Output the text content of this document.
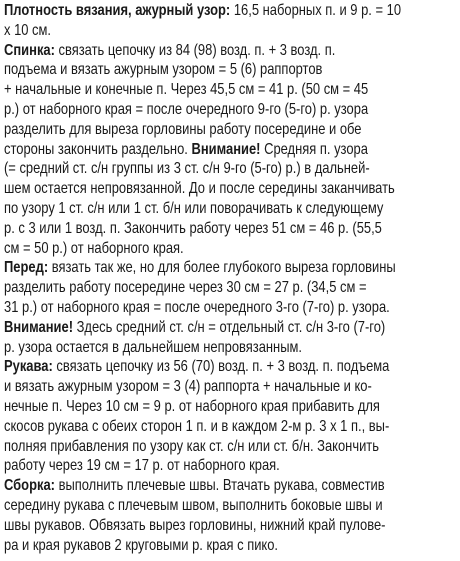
Плотность вязания, ажурный узор: 16,5 наборных п. и 9 р. = 10
х 10 см.
Спинка: связать цепочку из 84 (98) возд. п. + 3 возд. п.
подъема и вязать ажурным узором = 5 (6) раппортов
+ начальные и конечные п. Через 45,5 см = 41 р. (50 см = 45
р.) от наборного края = после очередного 9-го (5-го) р. узора
разделить для выреза горловины работу посередине и обе
стороны закончить раздельно. Внимание! Средняя п. узора
(= средний ст. с/н группы из 3 ст. с/н 9-го (5-го) р.) в дальней-
шем остается непровязанной. До и после середины заканчивать
по узору 1 ст. с/н или 1 ст. б/н или поворачивать к следующему
р. с 3 или 1 возд. п. Закончить работу через 51 см = 46 р. (55,5
см = 50 р.) от наборного края.
Перед: вязать так же, но для более глубокого выреза горловины
разделить работу посередине через 30 см = 27 р. (34,5 см =
31 р.) от наборного края = после очередного 3-го (7-го) р. узора.
Внимание! Здесь средний ст. с/н = отдельный ст. с/н 3-го (7-го)
р. узора остается в дальнейшем непровязанным.
Рукава: связать цепочку из 56 (70) возд. п. + 3 возд. п. подъема
и вязать ажурным узором = 3 (4) раппорта + начальные и ко-
нечные п. Через 10 см = 9 р. от наборного края прибавить для
скосов рукава с обеих сторон 1 п. и в каждом 2-м р. 3 х 1 п., вы-
полняя прибавления по узору как ст. с/н или ст. б/н. Закончить
работу через 19 см = 17 р. от наборного края.
Сборка: выполнить плечевые швы. Втачать рукава, совместив
середину рукава с плечевым швом, выполнить боковые швы и
швы рукавов. Обвязать вырез горловины, нижний край пулове-
ра и края рукавов 2 круговыми р. края с пико.
